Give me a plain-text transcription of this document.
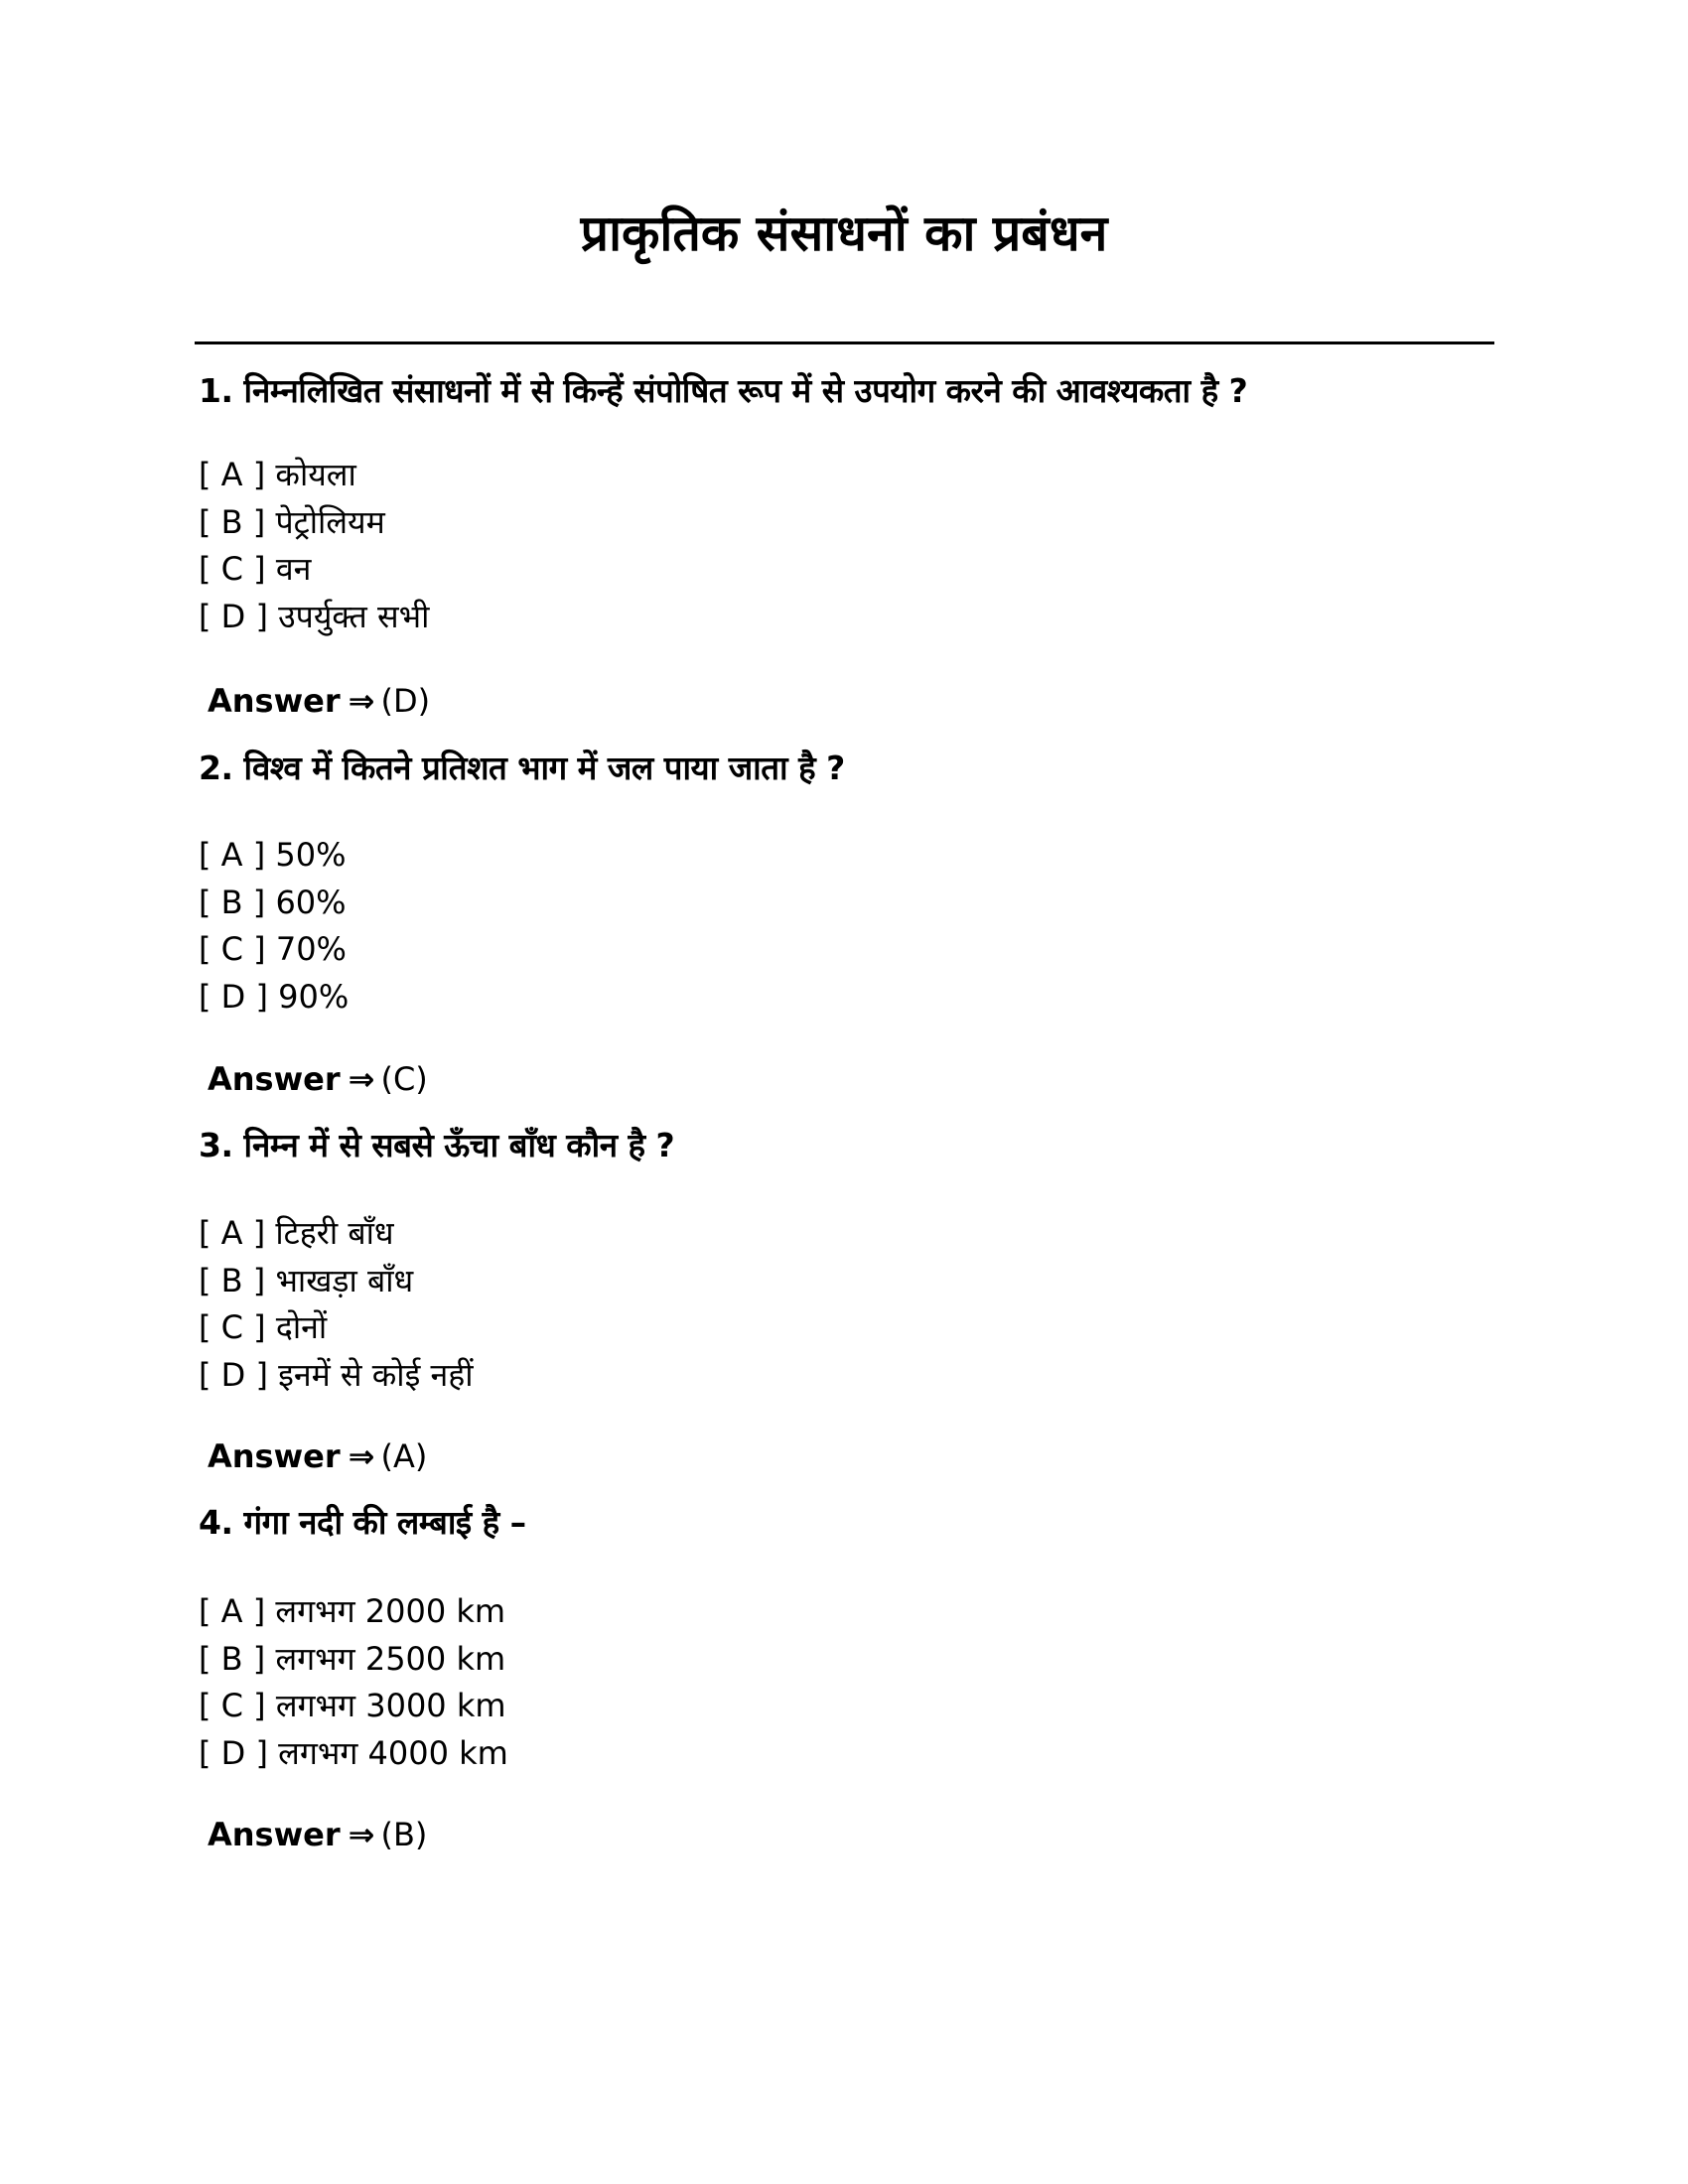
प्राकृतिक संसाधनों का प्रबंधन

1. निम्नलिखित संसाधनों में से किन्हें संपोषित रूप में से उपयोग करने की आवश्यकता है ?

[ A ] कोयला
[ B ] पेट्रोलियम
[ C ] वन
[ D ] उपर्युक्त सभी
Answer ⇒ (D)

2. विश्व में कितने प्रतिशत भाग में जल पाया जाता है ?

[ A ] 50%
[ B ] 60%
[ C ] 70%
[ D ] 90%
Answer ⇒ (C)

3. निम्न में से सबसे ऊँचा बाँध कौन है ?

[ A ] टिहरी बाँध
[ B ] भाखड़ा बाँध
[ C ] दोनों
[ D ] इनमें से कोई नहीं
Answer ⇒ (A)

4. गंगा नदी की लम्बाई है –

[ A ] लगभग 2000 km
[ B ] लगभग 2500 km
[ C ] लगभग 3000 km
[ D ] लगभग 4000 km
Answer ⇒ (B)
